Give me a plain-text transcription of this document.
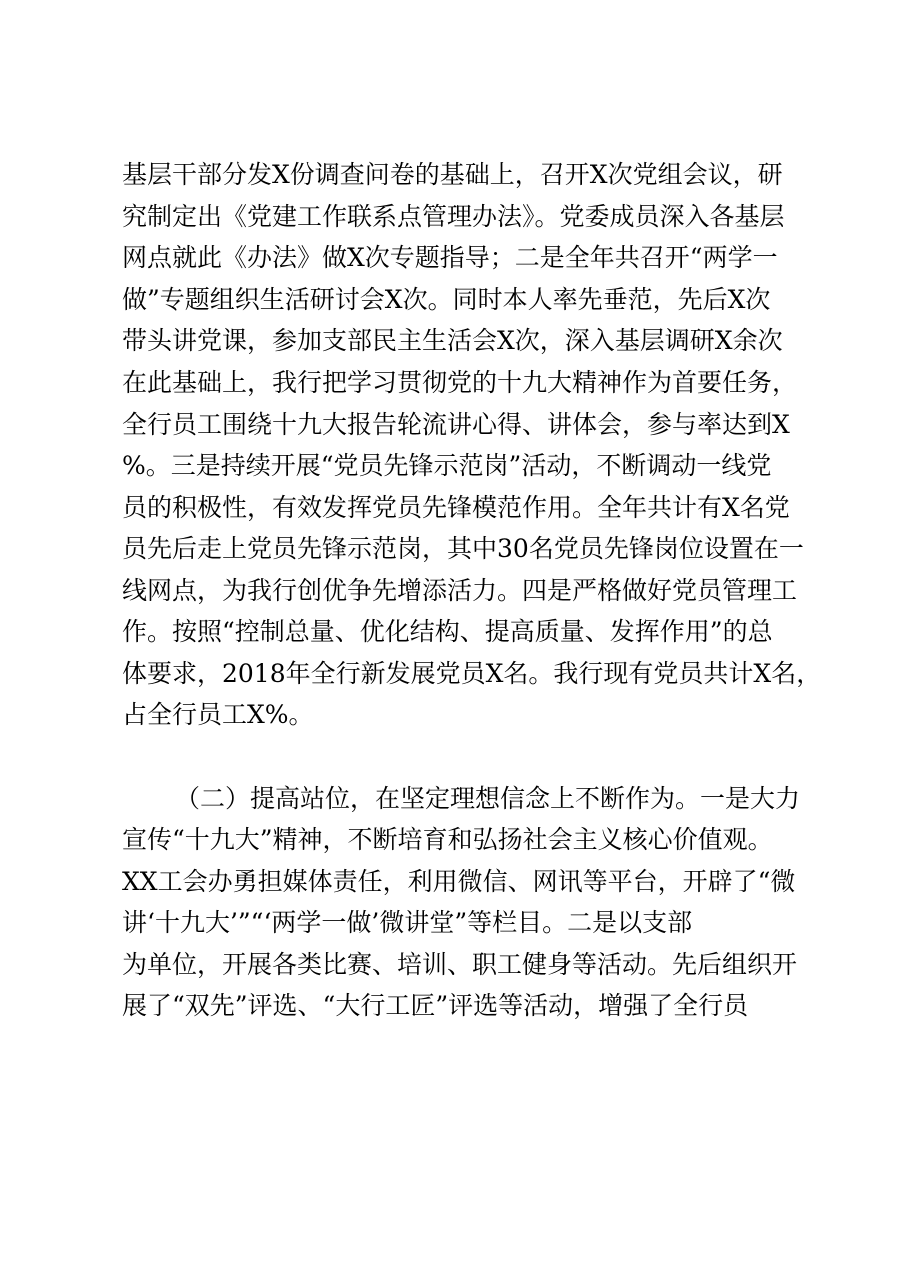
基层干部分发X份调查问卷的基础上，召开X次党组会议，研
究制定出《党建工作联系点管理办法》。党委成员深入各基层
网点就此《办法》做X次专题指导；二是全年共召开“两学一
做”专题组织生活研讨会X次。同时本人率先垂范，先后X次
带头讲党课，参加支部民主生活会X次，深入基层调研X余次
在此基础上，我行把学习贯彻党的十九大精神作为首要任务，
全行员工围绕十九大报告轮流讲心得、讲体会，参与率达到X
%。三是持续开展“党员先锋示范岗”活动，不断调动一线党
员的积极性，有效发挥党员先锋模范作用。全年共计有X名党
员先后走上党员先锋示范岗，其中30名党员先锋岗位设置在一
线网点，为我行创优争先增添活力。四是严格做好党员管理工
作。按照“控制总量、优化结构、提高质量、发挥作用”的总
体要求，2018年全行新发展党员X名。我行现有党员共计X名，
占全行员工X%。
（二）提高站位，在坚定理想信念上不断作为。一是大力
宣传“十九大”精神，不断培育和弘扬社会主义核心价值观。
XX工会办勇担媒体责任，利用微信、网讯等平台，开辟了“微
讲‘十九大’”“‘两学一做’微讲堂”等栏目。二是以支部
为单位，开展各类比赛、培训、职工健身等活动。先后组织开
展了“双先”评选、“大行工匠”评选等活动，增强了全行员
